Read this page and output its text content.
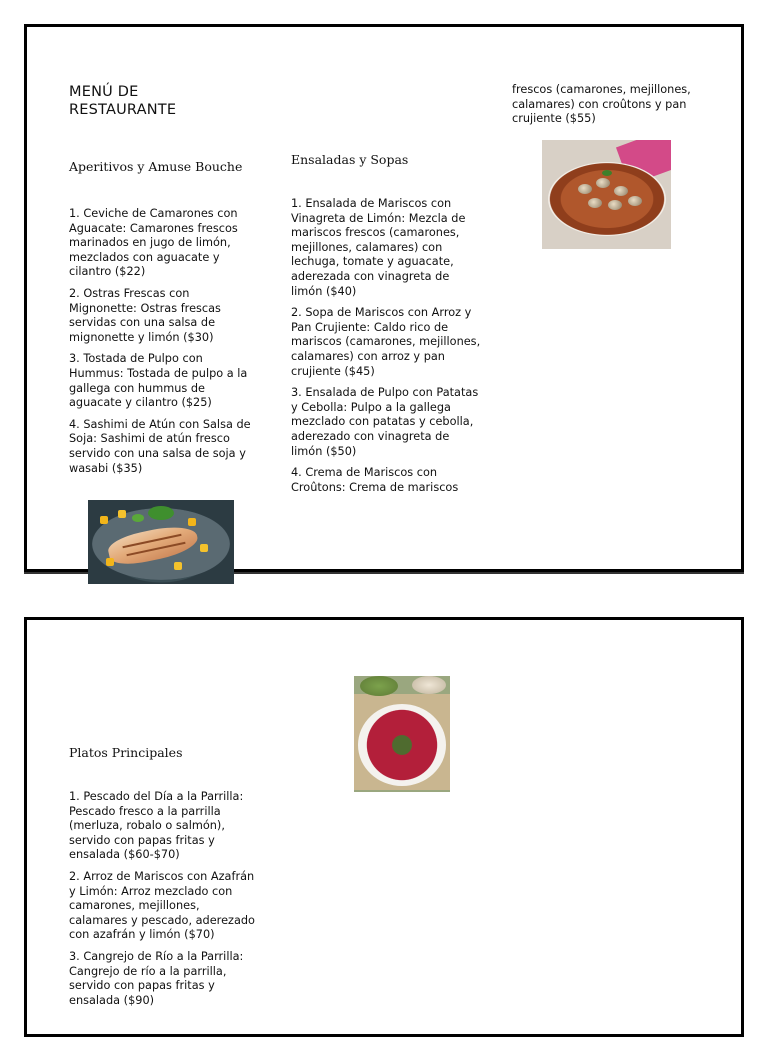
MENÚ DE RESTAURANTE
Aperitivos y Amuse Bouche

1. Ceviche de Camarones con Aguacate: Camarones frescos marinados en jugo de limón, mezclados con aguacate y cilantro ($22)

2. Ostras Frescas con Mignonette: Ostras frescas servidas con una salsa de mignonette y limón ($30)

3. Tostada de Pulpo con Hummus: Tostada de pulpo a la gallega con hummus de aguacate y cilantro ($25)

4. Sashimi de Atún con Salsa de Soja: Sashimi de atún fresco servido con una salsa de soja y wasabi ($35)

Ensaladas y Sopas

1. Ensalada de Mariscos con Vinagreta de Limón: Mezcla de mariscos frescos (camarones, mejillones, calamares) con lechuga, tomate y aguacate, aderezada con vinagreta de limón ($40)

2. Sopa de Mariscos con Arroz y Pan Crujiente: Caldo rico de mariscos (camarones, mejillones, calamares) con arroz y pan crujiente ($45)

3. Ensalada de Pulpo con Patatas y Cebolla: Pulpo a la gallega mezclado con patatas y cebolla, aderezado con vinagreta de limón ($50)

4. Crema de Mariscos con Croûtons: Crema de mariscos

frescos (camarones, mejillones, calamares) con croûtons y pan crujiente ($55)

Platos Principales

1. Pescado del Día a la Parrilla: Pescado fresco a la parrilla (merluza, robalo o salmón), servido con papas fritas y ensalada ($60-$70)

2. Arroz de Mariscos con Azafrán y Limón: Arroz mezclado con camarones, mejillones, calamares y pescado, aderezado con azafrán y limón ($70)

3. Cangrejo de Río a la Parrilla: Cangrejo de río a la parrilla, servido con papas fritas y ensalada ($90)
